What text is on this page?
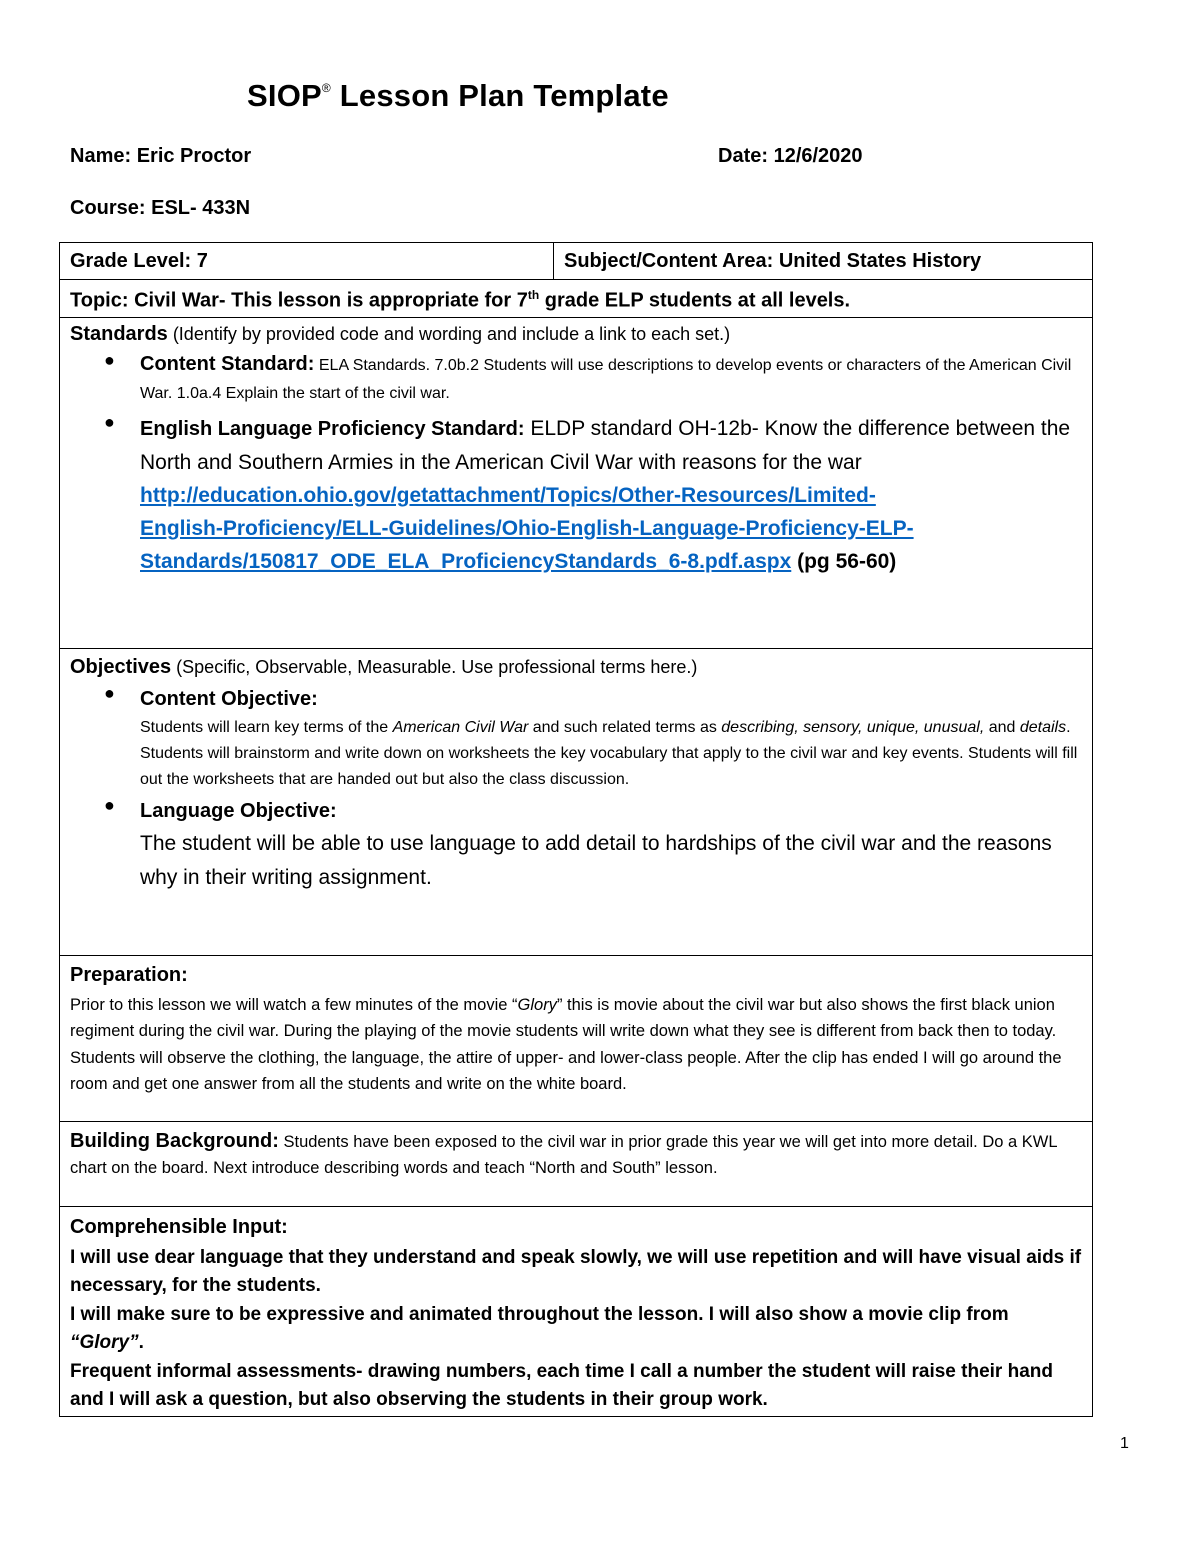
SIOP® Lesson Plan Template
Name: Eric Proctor	Date: 12/6/2020
Course: ESL- 433N
Grade Level: 7	Subject/Content Area: United States History
Topic: Civil War- This lesson is appropriate for 7th grade ELP students at all levels.

Standards (Identify by provided code and wording and include a link to each set.)
● Content Standard: ELA Standards. 7.0b.2 Students will use descriptions to develop events or characters of the American Civil War. 1.0a.4 Explain the start of the civil war.
● English Language Proficiency Standard: ELDP standard OH-12b- Know the difference between the North and Southern Armies in the American Civil War with reasons for the war
http://education.ohio.gov/getattachment/Topics/Other-Resources/Limited-
English-Proficiency/ELL-Guidelines/Ohio-English-Language-Proficiency-ELP-
Standards/150817_ODE_ELA_ProficiencyStandards_6-8.pdf.aspx (pg 56-60)

Objectives (Specific, Observable, Measurable. Use professional terms here.)
● Content Objective:
Students will learn key terms of the American Civil War and such related terms as describing, sensory, unique, unusual, and details. Students will brainstorm and write down on worksheets the key vocabulary that apply to the civil war and key events. Students will fill out the worksheets that are handed out but also the class discussion.
● Language Objective:
The student will be able to use language to add detail to hardships of the civil war and the reasons why in their writing assignment.

Preparation:
Prior to this lesson we will watch a few minutes of the movie “Glory” this is movie about the civil war but also shows the first black union regiment during the civil war. During the playing of the movie students will write down what they see is different from back then to today. Students will observe the clothing, the language, the attire of upper- and lower-class people. After the clip has ended I will go around the room and get one answer from all the students and write on the white board.

Building Background: Students have been exposed to the civil war in prior grade this year we will get into more detail. Do a KWL chart on the board. Next introduce describing words and teach “North and South” lesson.

Comprehensible Input:

I will use dear language that they understand and speak slowly, we will use repetition and will have visual aids if necessary, for the students.

I will make sure to be expressive and animated throughout the lesson. I will also show a movie clip from
“Glory”.

Frequent informal assessments- drawing numbers, each time I call a number the student will raise their hand and I will ask a question, but also observing the students in their group work.

1
